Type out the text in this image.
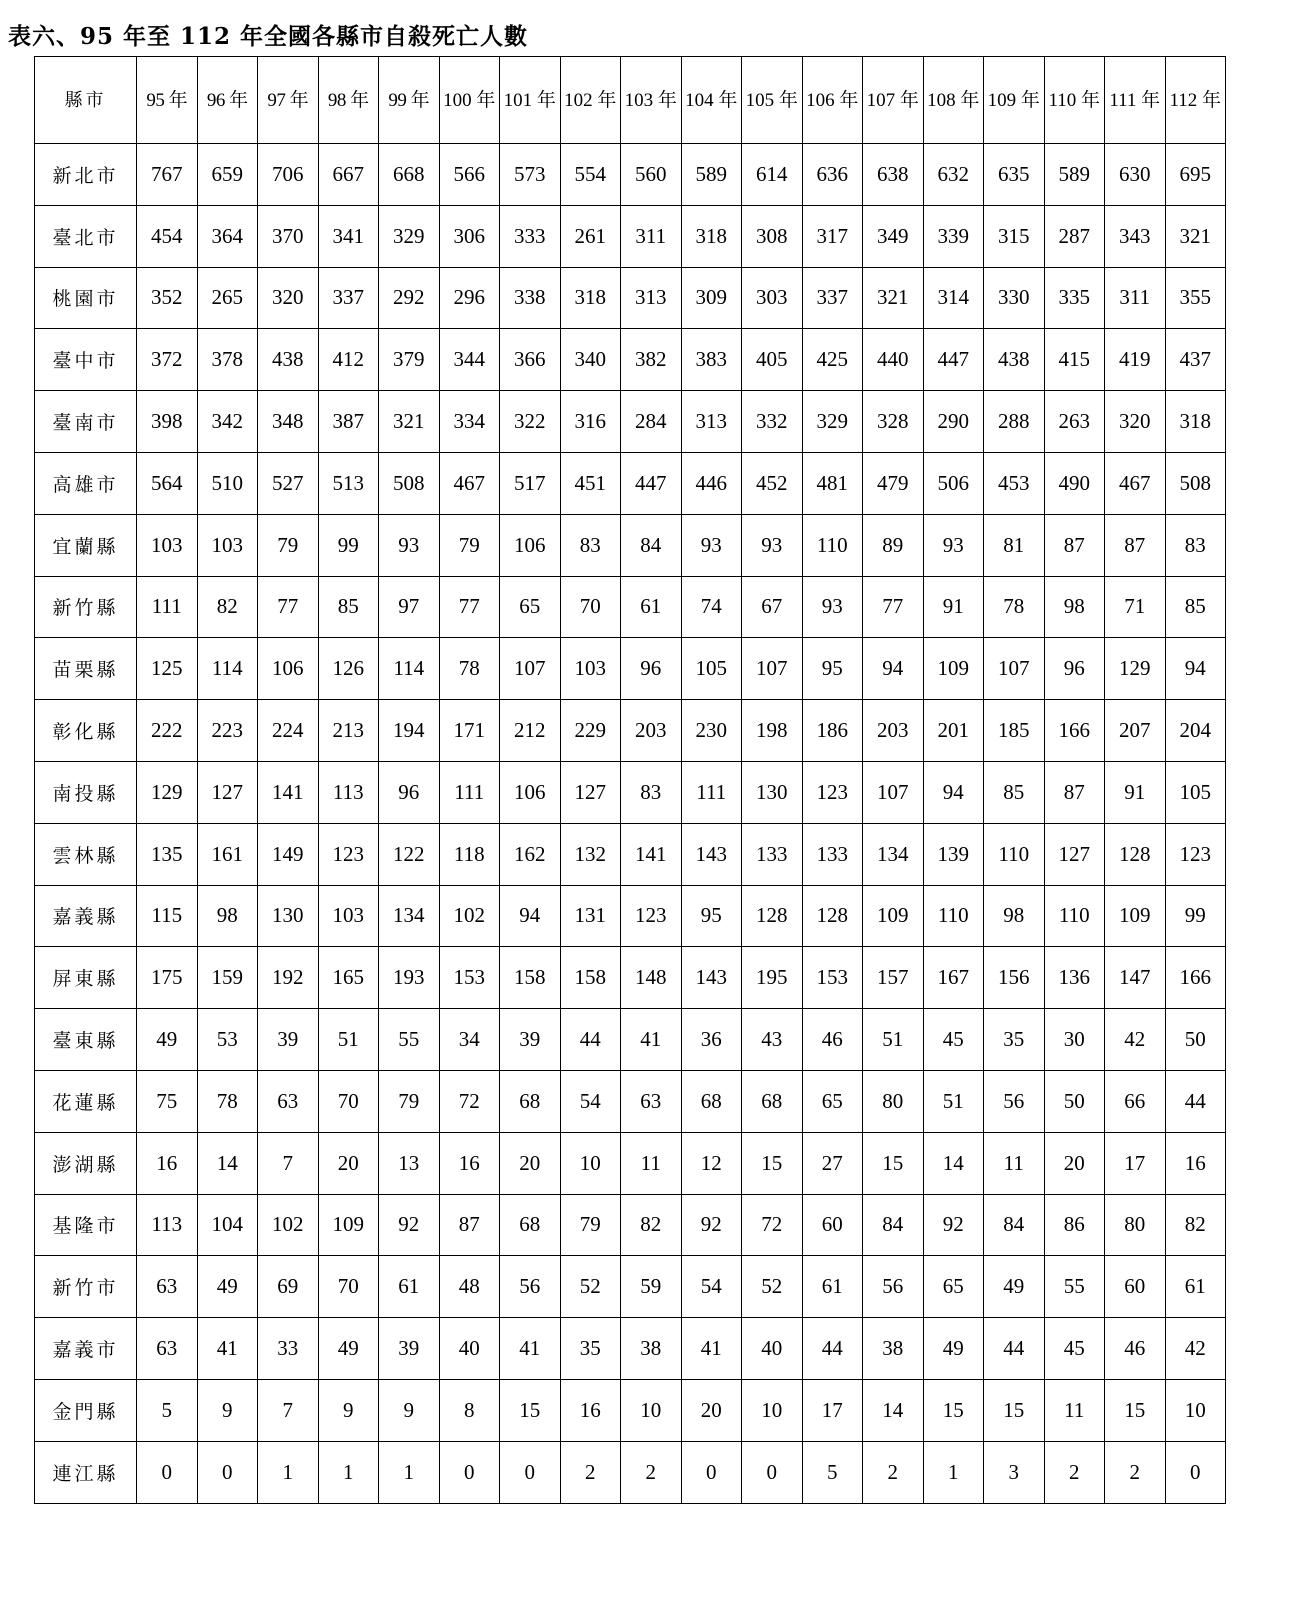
表六、95 年至 112 年全國各縣市自殺死亡人數
縣市	95 年	96 年	97 年	98 年	99 年	100 年	101 年	102 年	103 年	104 年	105 年	106 年	107 年	108 年	109 年	110 年	111 年	112 年
新北市	767	659	706	667	668	566	573	554	560	589	614	636	638	632	635	589	630	695
臺北市	454	364	370	341	329	306	333	261	311	318	308	317	349	339	315	287	343	321
桃園市	352	265	320	337	292	296	338	318	313	309	303	337	321	314	330	335	311	355
臺中市	372	378	438	412	379	344	366	340	382	383	405	425	440	447	438	415	419	437
臺南市	398	342	348	387	321	334	322	316	284	313	332	329	328	290	288	263	320	318
高雄市	564	510	527	513	508	467	517	451	447	446	452	481	479	506	453	490	467	508
宜蘭縣	103	103	79	99	93	79	106	83	84	93	93	110	89	93	81	87	87	83
新竹縣	111	82	77	85	97	77	65	70	61	74	67	93	77	91	78	98	71	85
苗栗縣	125	114	106	126	114	78	107	103	96	105	107	95	94	109	107	96	129	94
彰化縣	222	223	224	213	194	171	212	229	203	230	198	186	203	201	185	166	207	204
南投縣	129	127	141	113	96	111	106	127	83	111	130	123	107	94	85	87	91	105
雲林縣	135	161	149	123	122	118	162	132	141	143	133	133	134	139	110	127	128	123
嘉義縣	115	98	130	103	134	102	94	131	123	95	128	128	109	110	98	110	109	99
屏東縣	175	159	192	165	193	153	158	158	148	143	195	153	157	167	156	136	147	166
臺東縣	49	53	39	51	55	34	39	44	41	36	43	46	51	45	35	30	42	50
花蓮縣	75	78	63	70	79	72	68	54	63	68	68	65	80	51	56	50	66	44
澎湖縣	16	14	7	20	13	16	20	10	11	12	15	27	15	14	11	20	17	16
基隆市	113	104	102	109	92	87	68	79	82	92	72	60	84	92	84	86	80	82
新竹市	63	49	69	70	61	48	56	52	59	54	52	61	56	65	49	55	60	61
嘉義市	63	41	33	49	39	40	41	35	38	41	40	44	38	49	44	45	46	42
金門縣	5	9	7	9	9	8	15	16	10	20	10	17	14	15	15	11	15	10
連江縣	0	0	1	1	1	0	0	2	2	0	0	5	2	1	3	2	2	0
